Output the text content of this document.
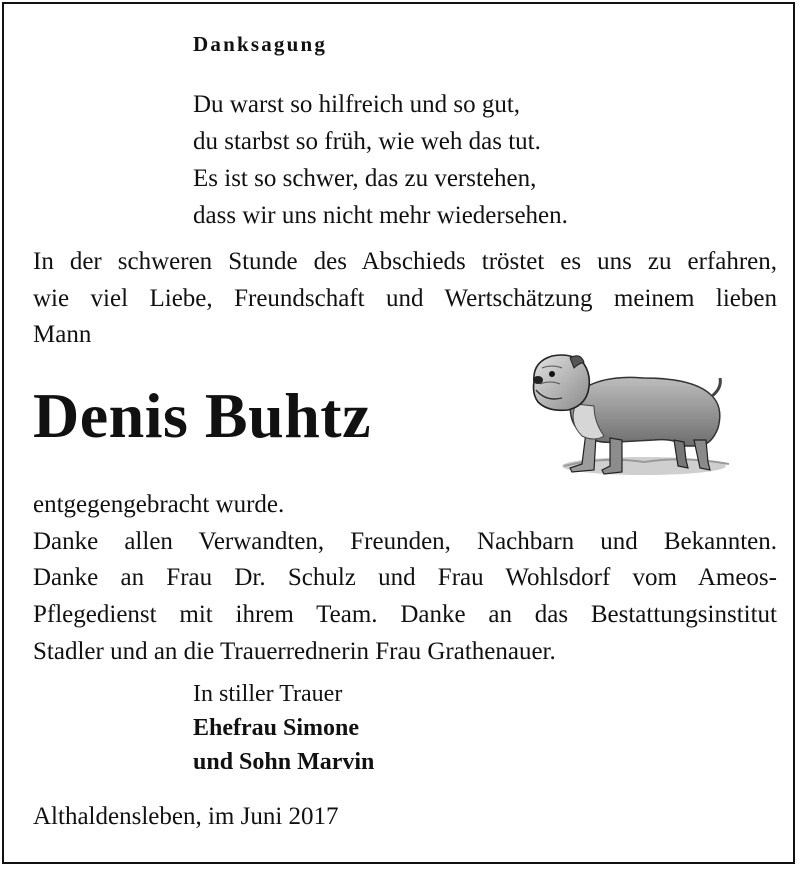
Danksagung
Du warst so hilfreich und so gut,
du starbst so früh, wie weh das tut.
Es ist so schwer, das zu verstehen,
dass wir uns nicht mehr wiedersehen.
In der schweren Stunde des Abschieds tröstet es uns zu erfahren,
wie viel Liebe, Freundschaft und Wertschätzung meinem lieben
Mann
Denis Buhtz
entgegengebracht wurde.
Danke allen Verwandten, Freunden, Nachbarn und Bekannten.
Danke an Frau Dr. Schulz und Frau Wohlsdorf vom Ameos-
Pflegedienst mit ihrem Team. Danke an das Bestattungsinstitut
Stadler und an die Trauerrednerin Frau Grathenauer.
In stiller Trauer
Ehefrau Simone
und Sohn Marvin
Althaldensleben, im Juni 2017
